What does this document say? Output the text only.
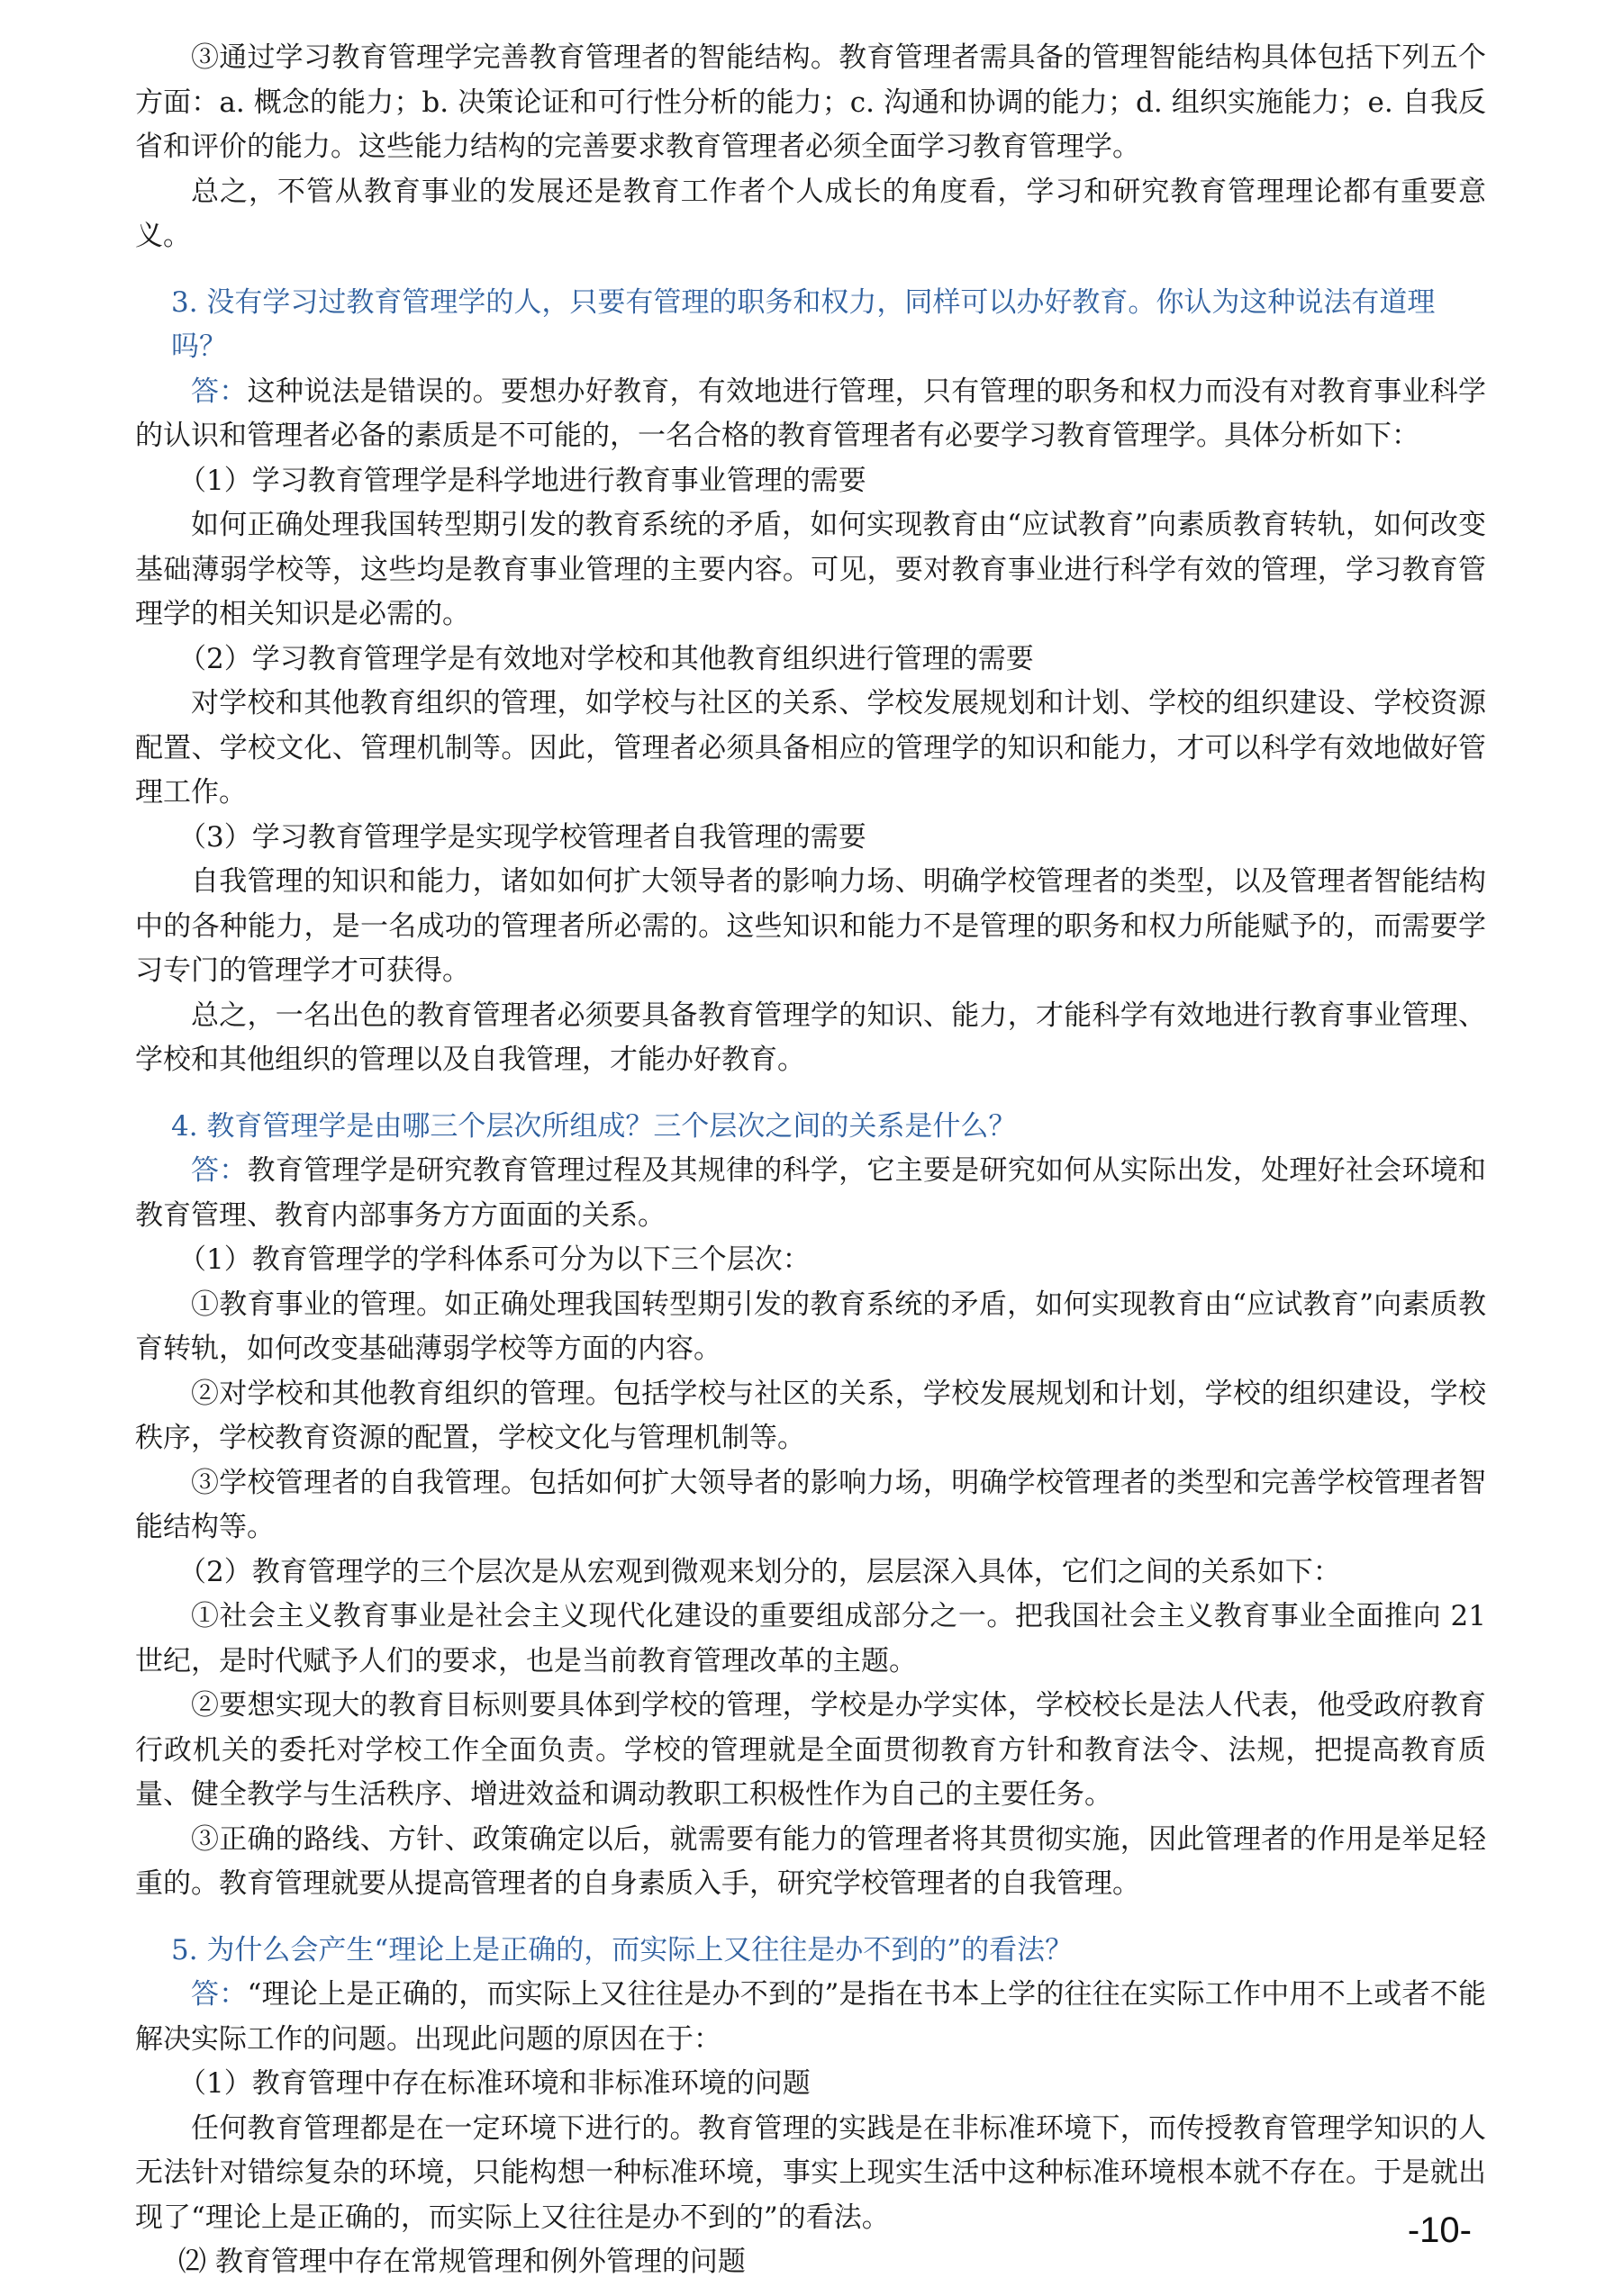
③通过学习教育管理学完善教育管理者的智能结构。教育管理者需具备的管理智能结构具体包括下列五个方面：a. 概念的能力；b. 决策论证和可行性分析的能力；c. 沟通和协调的能力；d. 组织实施能力；e. 自我反省和评价的能力。这些能力结构的完善要求教育管理者必须全面学习教育管理学。

总之，不管从教育事业的发展还是教育工作者个人成长的角度看，学习和研究教育管理理论都有重要意义。

3. 没有学习过教育管理学的人，只要有管理的职务和权力，同样可以办好教育。你认为这种说法有道理吗？

答：这种说法是错误的。要想办好教育，有效地进行管理，只有管理的职务和权力而没有对教育事业科学的认识和管理者必备的素质是不可能的，一名合格的教育管理者有必要学习教育管理学。具体分析如下：

（1）学习教育管理学是科学地进行教育事业管理的需要

如何正确处理我国转型期引发的教育系统的矛盾，如何实现教育由“应试教育”向素质教育转轨，如何改变基础薄弱学校等，这些均是教育事业管理的主要内容。可见，要对教育事业进行科学有效的管理，学习教育管理学的相关知识是必需的。

（2）学习教育管理学是有效地对学校和其他教育组织进行管理的需要

对学校和其他教育组织的管理，如学校与社区的关系、学校发展规划和计划、学校的组织建设、学校资源配置、学校文化、管理机制等。因此，管理者必须具备相应的管理学的知识和能力，才可以科学有效地做好管理工作。

（3）学习教育管理学是实现学校管理者自我管理的需要

自我管理的知识和能力，诸如如何扩大领导者的影响力场、明确学校管理者的类型，以及管理者智能结构中的各种能力，是一名成功的管理者所必需的。这些知识和能力不是管理的职务和权力所能赋予的，而需要学习专门的管理学才可获得。

总之，一名出色的教育管理者必须要具备教育管理学的知识、能力，才能科学有效地进行教育事业管理、学校和其他组织的管理以及自我管理，才能办好教育。

4. 教育管理学是由哪三个层次所组成？三个层次之间的关系是什么？

答：教育管理学是研究教育管理过程及其规律的科学，它主要是研究如何从实际出发，处理好社会环境和教育管理、教育内部事务方方面面的关系。

（1）教育管理学的学科体系可分为以下三个层次：

①教育事业的管理。如正确处理我国转型期引发的教育系统的矛盾，如何实现教育由“应试教育”向素质教育转轨，如何改变基础薄弱学校等方面的内容。

②对学校和其他教育组织的管理。包括学校与社区的关系，学校发展规划和计划，学校的组织建设，学校秩序，学校教育资源的配置，学校文化与管理机制等。

③学校管理者的自我管理。包括如何扩大领导者的影响力场，明确学校管理者的类型和完善学校管理者智能结构等。

（2）教育管理学的三个层次是从宏观到微观来划分的，层层深入具体，它们之间的关系如下：

①社会主义教育事业是社会主义现代化建设的重要组成部分之一。把我国社会主义教育事业全面推向 21 世纪，是时代赋予人们的要求，也是当前教育管理改革的主题。

②要想实现大的教育目标则要具体到学校的管理，学校是办学实体，学校校长是法人代表，他受政府教育行政机关的委托对学校工作全面负责。学校的管理就是全面贯彻教育方针和教育法令、法规，把提高教育质量、健全教学与生活秩序、增进效益和调动教职工积极性作为自己的主要任务。

③正确的路线、方针、政策确定以后，就需要有能力的管理者将其贯彻实施，因此管理者的作用是举足轻重的。教育管理就要从提高管理者的自身素质入手，研究学校管理者的自我管理。

5. 为什么会产生“理论上是正确的，而实际上又往往是办不到的”的看法？

答：“理论上是正确的，而实际上又往往是办不到的”是指在书本上学的往往在实际工作中用不上或者不能解决实际工作的问题。出现此问题的原因在于：

（1）教育管理中存在标准环境和非标准环境的问题

任何教育管理都是在一定环境下进行的。教育管理的实践是在非标准环境下，而传授教育管理学知识的人无法针对错综复杂的环境，只能构想一种标准环境，事实上现实生活中这种标准环境根本就不存在。于是就出现了“理论上是正确的，而实际上又往往是办不到的”的看法。

⑵ 教育管理中存在常规管理和例外管理的问题

-10-
